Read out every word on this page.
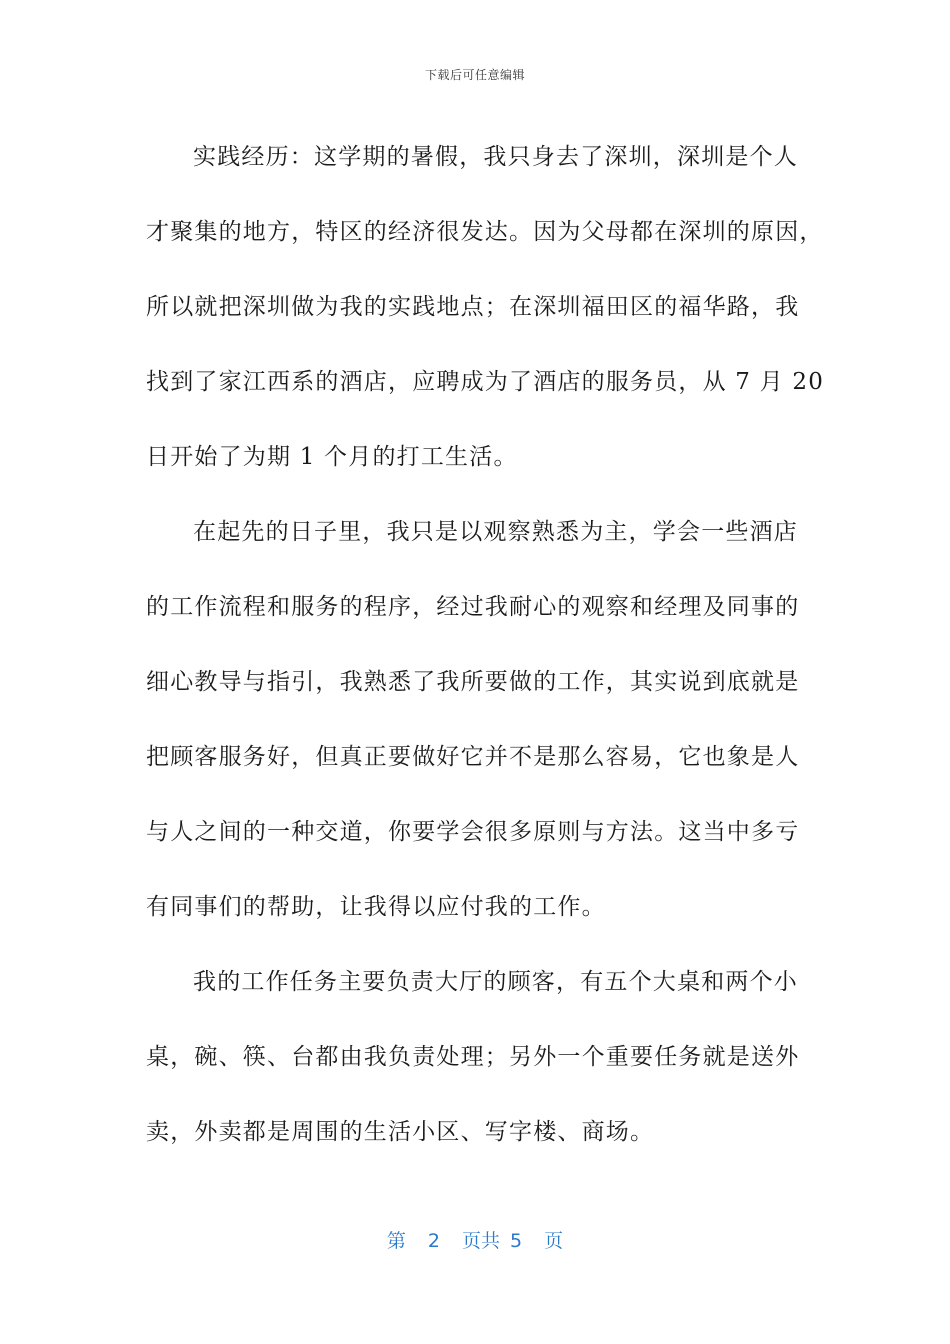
下载后可任意编辑
实践经历：这学期的暑假，我只身去了深圳，深圳是个人
才聚集的地方，特区的经济很发达。因为父母都在深圳的原因，
所以就把深圳做为我的实践地点；在深圳福田区的福华路，我
找到了家江西系的酒店，应聘成为了酒店的服务员，从 7 月 20
日开始了为期 1 个月的打工生活。
在起先的日子里，我只是以观察熟悉为主，学会一些酒店
的工作流程和服务的程序，经过我耐心的观察和经理及同事的
细心教导与指引，我熟悉了我所要做的工作，其实说到底就是
把顾客服务好，但真正要做好它并不是那么容易，它也象是人
与人之间的一种交道，你要学会很多原则与方法。这当中多亏
有同事们的帮助，让我得以应付我的工作。
我的工作任务主要负责大厅的顾客，有五个大桌和两个小
桌，碗、筷、台都由我负责处理；另外一个重要任务就是送外
卖，外卖都是周围的生活小区、写字楼、商场。
第 2 页共 5 页
